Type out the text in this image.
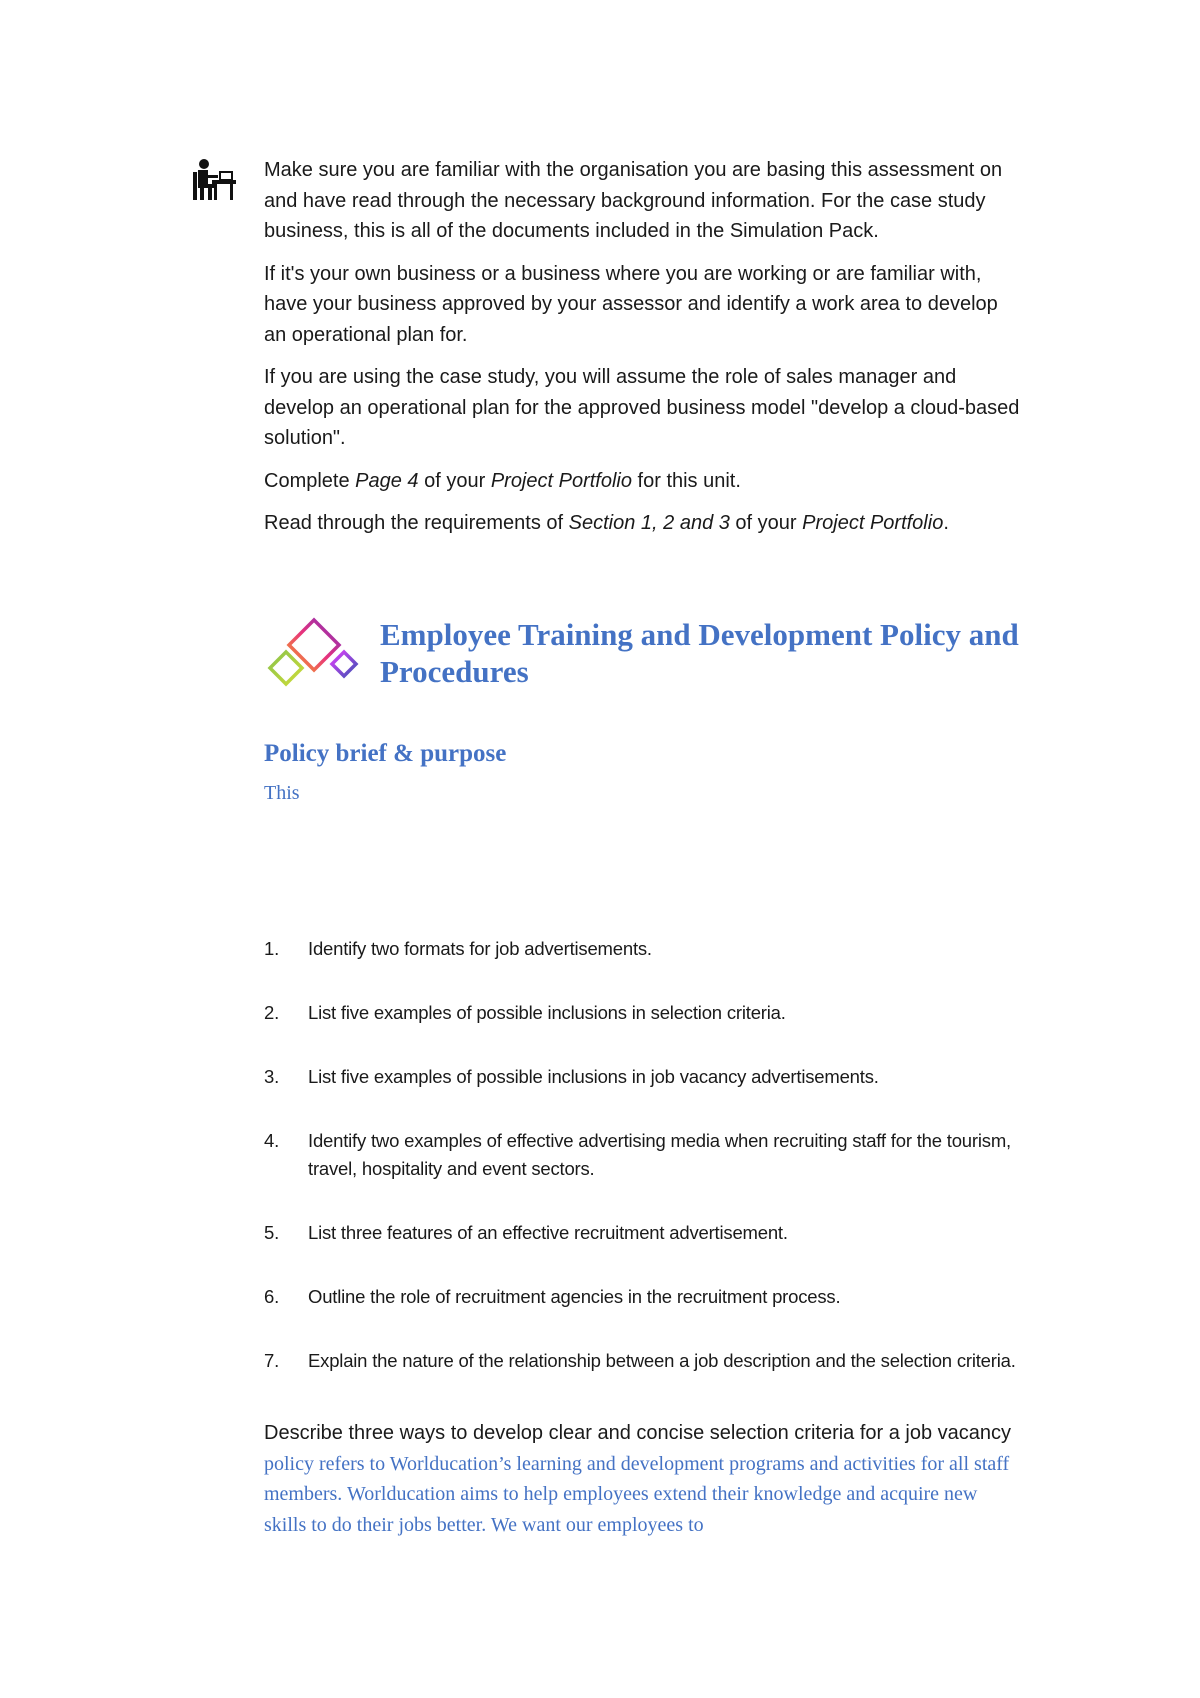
Make sure you are familiar with the organisation you are basing this assessment on and have read through the necessary background information. For the case study business, this is all of the documents included in the Simulation Pack.

If it's your own business or a business where you are working or are familiar with, have your business approved by your assessor and identify a work area to develop an operational plan for.

If you are using the case study, you will assume the role of sales manager and develop an operational plan for the approved business model "develop a cloud-based solution".

Complete Page 4 of your Project Portfolio for this unit.

Read through the requirements of Section 1, 2 and 3 of your Project Portfolio.

Employee Training and Development Policy and Procedures
Policy brief & purpose
This
1. Identify two formats for job advertisements.
2. List five examples of possible inclusions in selection criteria.
3. List five examples of possible inclusions in job vacancy advertisements.
4. Identify two examples of effective advertising media when recruiting staff for the tourism, travel, hospitality and event sectors.
5. List three features of an effective recruitment advertisement.
6. Outline the role of recruitment agencies in the recruitment process.
7. Explain the nature of the relationship between a job description and the selection criteria.

Describe three ways to develop clear and concise selection criteria for a job vacancy policy refers to Worlducation’s learning and development programs and activities for all staff members. Worlducation aims to help employees extend their knowledge and acquire new skills to do their jobs better. We want our employees to
